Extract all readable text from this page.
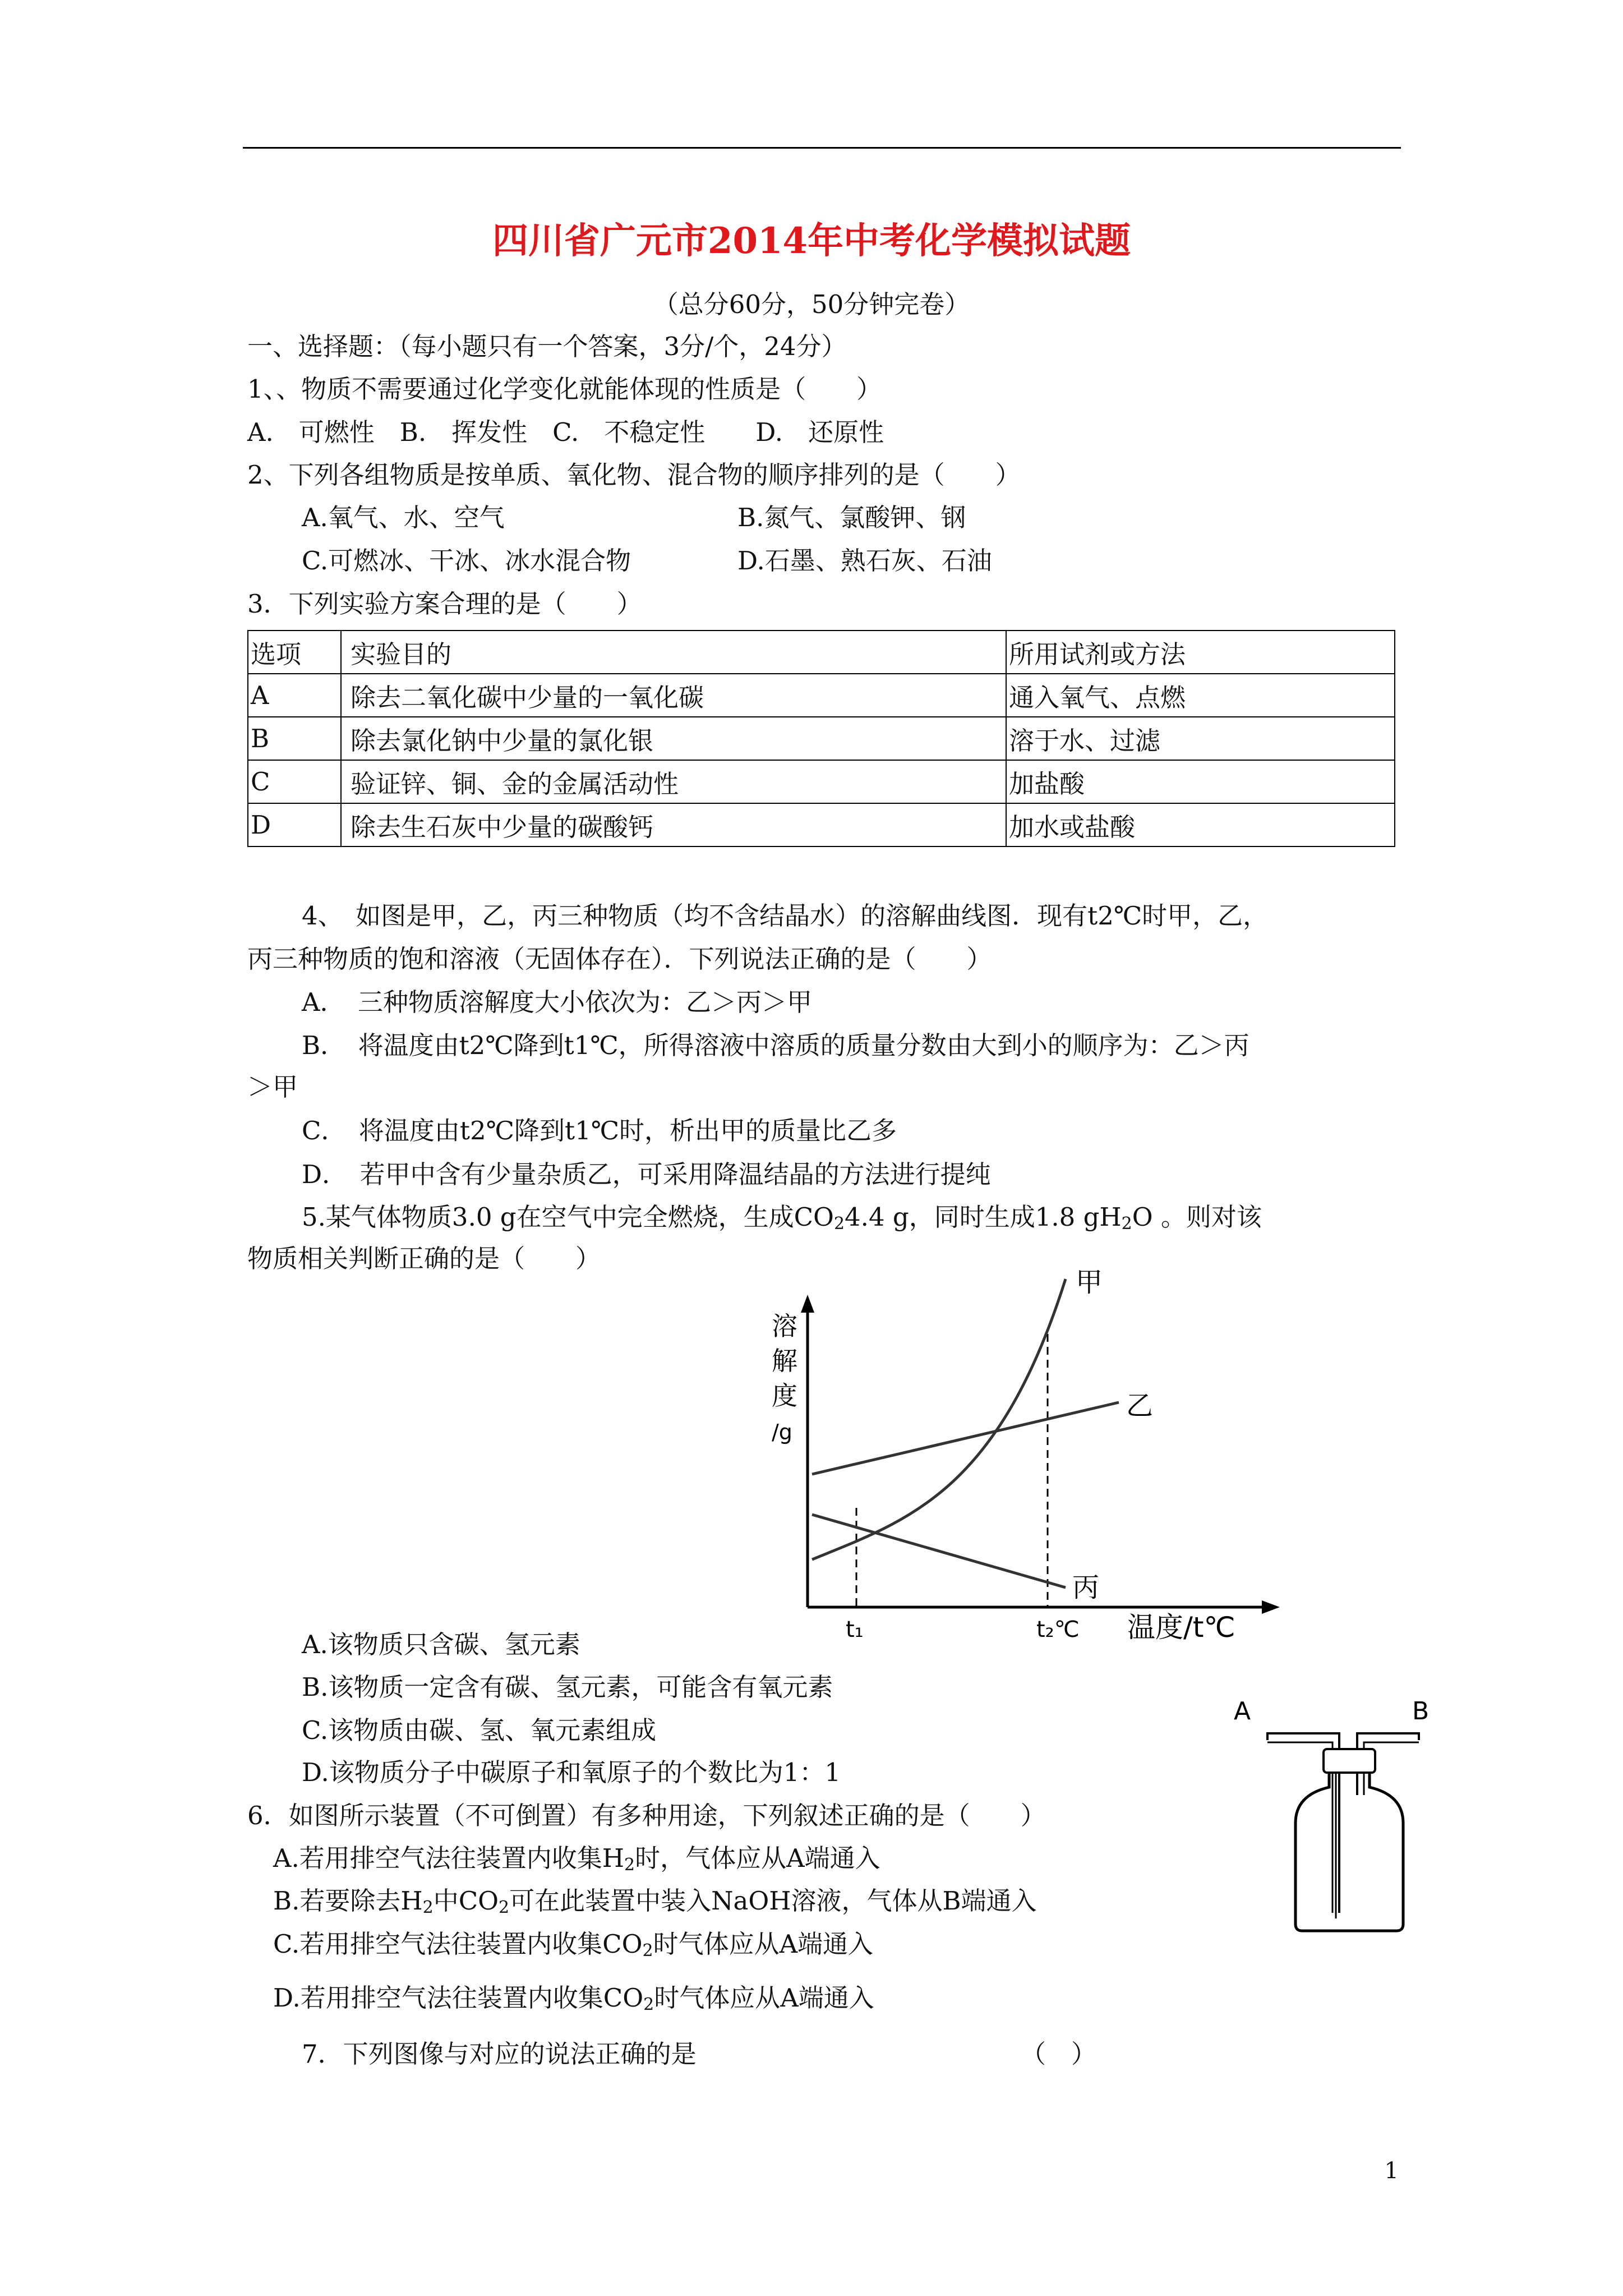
四川省广元市2014年中考化学模拟试题
（总分60分，50分钟完卷）
一、选择题：（每小题只有一个答案，3分/个，24分）
1、、物质不需要通过化学变化就能体现的性质是（　　）
A.　可燃性　B.　挥发性　C.　不稳定性　　D.　还原性
2、下列各组物质是按单质、氧化物、混合物的顺序排列的是（　　）
A.氧气、水、空气	B.氮气、氯酸钾、钢
C.可燃冰、干冰、冰水混合物	D.石墨、熟石灰、石油
3．下列实验方案合理的是（　　）
选项	实验目的	所用试剂或方法
A	除去二氧化碳中少量的一氧化碳	通入氧气、点燃
B	除去氯化钠中少量的氯化银	溶于水、过滤
C	验证锌、铜、金的金属活动性	加盐酸
D	除去生石灰中少量的碳酸钙	加水或盐酸
4、　如图是甲，乙，丙三种物质（均不含结晶水）的溶解曲线图．现有t2℃时甲，乙，
丙三种物质的饱和溶液（无固体存在）．下列说法正确的是（　　）
A．　三种物质溶解度大小依次为：乙＞丙＞甲
B．　将温度由t2℃降到t1℃，所得溶液中溶质的质量分数由大到小的顺序为：乙＞丙
＞甲
C．　将温度由t2℃降到t1℃时，析出甲的质量比乙多
D．　若甲中含有少量杂质乙，可采用降温结晶的方法进行提纯
5.某气体物质3.0 g在空气中完全燃烧，生成$CO_24.4$ g，同时生成1.8 $gH_2O$ 。则对该
物质相关判断正确的是（　　）
溶
解
度
/g
甲
乙
丙
t₁	t₂℃ 温度/t℃
A.该物质只含碳、氢元素
B.该物质一定含有碳、氢元素，可能含有氧元素
C.该物质由碳、氢、氧元素组成
D.该物质分子中碳原子和氧原子的个数比为1：1
A	B
6．如图所示装置（不可倒置）有多种用途，下列叙述正确的是（　　）
A.若用排空气法往装置内收集$H_2$时，气体应从A端通入
B.若要除去$H_2$中$CO_2$可在此装置中装入NaOH溶液，气体从B端通入
C.若用排空气法往装置内收集$CO_2$时气体应从A端通入
D.若用排空气法往装置内收集$CO_2$时气体应从A端通入
7．下列图像与对应的说法正确的是	（　）
1
